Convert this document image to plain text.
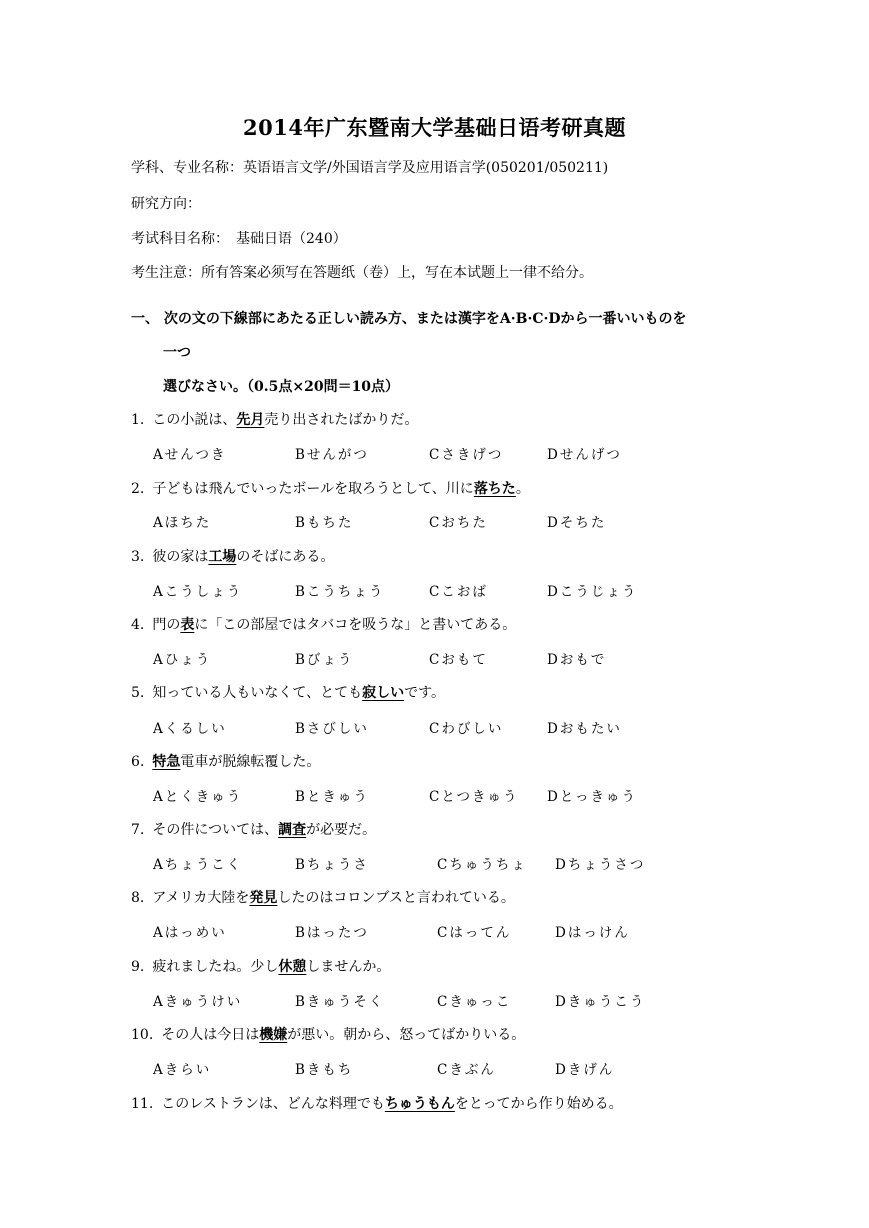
2014年广东暨南大学基础日语考研真题
学科、专业名称：英语语言文学/外国语言学及应用语言学(050201/050211)
研究方向：
考试科目名称：　基础日语（240）
考生注意：所有答案必须写在答题纸（卷）上，写在本试题上一律不给分。
一、 次の文の下線部にあたる正しい読み方、または漢字をA·B·C·Dから一番いいものを
一つ
選びなさい。（0.5点×20問＝10点）
1. この小説は、先月売り出されたばかりだ。
Aせんつき	Bせんがつ	Cさきげつ	Dせんげつ
2. 子どもは飛んでいったボールを取ろうとして、川に落ちた。
Aほちた	Bもちた	Cおちた	Dそちた
3. 彼の家は工場のそばにある。
Aこうしょう	Bこうちょう	Cこおば	Dこうじょう
4. 門の表に「この部屋ではタバコを吸うな」と書いてある。
Aひょう	Bびょう	Cおもて	Dおもで
5. 知っている人もいなくて、とても寂しいです。
Aくるしい	Bさびしい	Cわびしい	Dおもたい
6. 特急電車が脱線転覆した。
Aとくきゅう	Bときゅう	Cとつきゅう Dとっきゅう
7. その件については、調査が必要だ。
Aちょうこく	Bちょうさ	Cちゅうちょ Dちょうさつ
8. アメリカ大陸を発見したのはコロンブスと言われている。
Aはっめい	Bはったつ	Cはってん	Dはっけん
9. 疲れましたね。少し休憩しませんか。
Aきゅうけい	Bきゅうそく	Cきゅっこ	Dきゅうこう
10. その人は今日は機嫌が悪い。朝から、怒ってばかりいる。
Aきらい	Bきもち	Cきぶん	Dきげん
11. このレストランは、どんな料理でもちゅうもんをとってから作り始める。
